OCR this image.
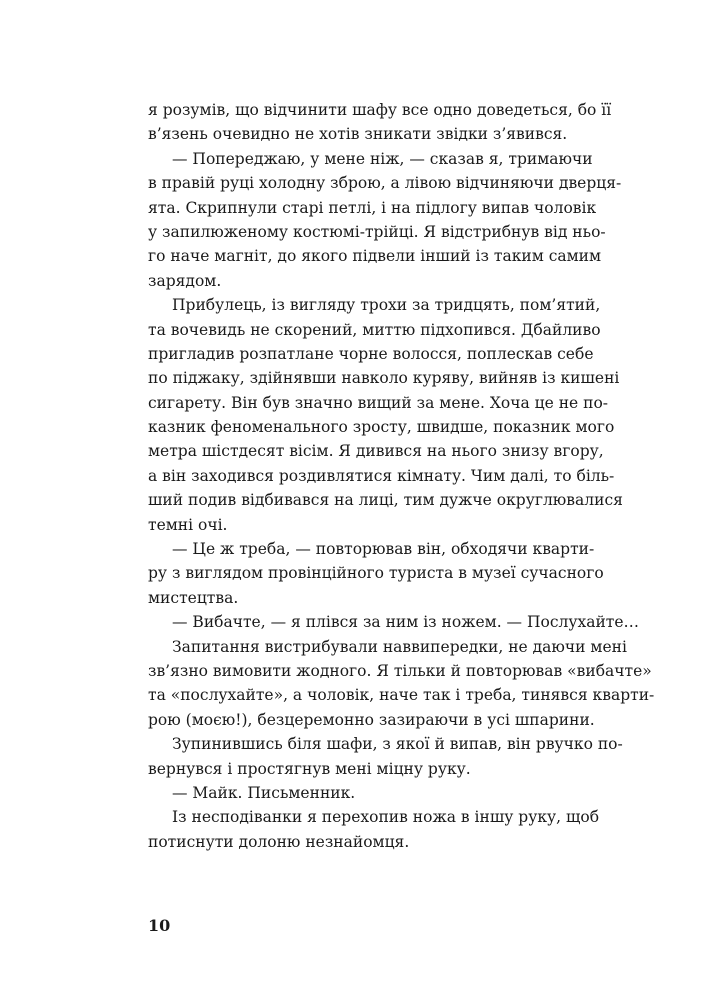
я розумів, що відчинити шафу все одно доведеться, бо її
в’язень очевидно не хотів зникати звідки з’явився.
— Попереджаю, у мене ніж, — сказав я, тримаючи
в правій руці холодну зброю, а лівою відчиняючи дверця-
ята. Скрипнули старі петлі, і на підлогу випав чоловік
у запилюженому костюмі-трійці. Я відстрибнув від ньо-
го наче магніт, до якого підвели інший із таким самим
зарядом.
Прибулець, із вигляду трохи за тридцять, пом’ятий,
та вочевидь не скорений, миттю підхопився. Дбайливо
пригладив розпатлане чорне волосся, поплескав себе
по піджаку, здійнявши навколо куряву, вийняв із кишені
сигарету. Він був значно вищий за мене. Хоча це не по-
казник феноменального зросту, швидше, показник мого
метра шістдесят вісім. Я дивився на нього знизу вгору,
а він заходився роздивлятися кімнату. Чим далі, то біль-
ший подив відбивався на лиці, тим дужче округлювалися
темні очі.
— Це ж треба, — повторював він, обходячи кварти-
ру з виглядом провінційного туриста в музеї сучасного
мистецтва.
— Вибачте, — я плівся за ним із ножем. — Послухайте…
Запитання вистрибували наввипередки, не даючи мені
зв’язно вимовити жодного. Я тільки й повторював «вибачте»
та «послухайте», а чоловік, наче так і треба, тинявся кварти-
рою (моєю!), безцеремонно зазираючи в усі шпарини.
Зупинившись біля шафи, з якої й випав, він рвучко по-
вернувся і простягнув мені міцну руку.
— Майк. Письменник.
Із несподіванки я перехопив ножа в іншу руку, щоб
потиснути долоню незнайомця.
10
